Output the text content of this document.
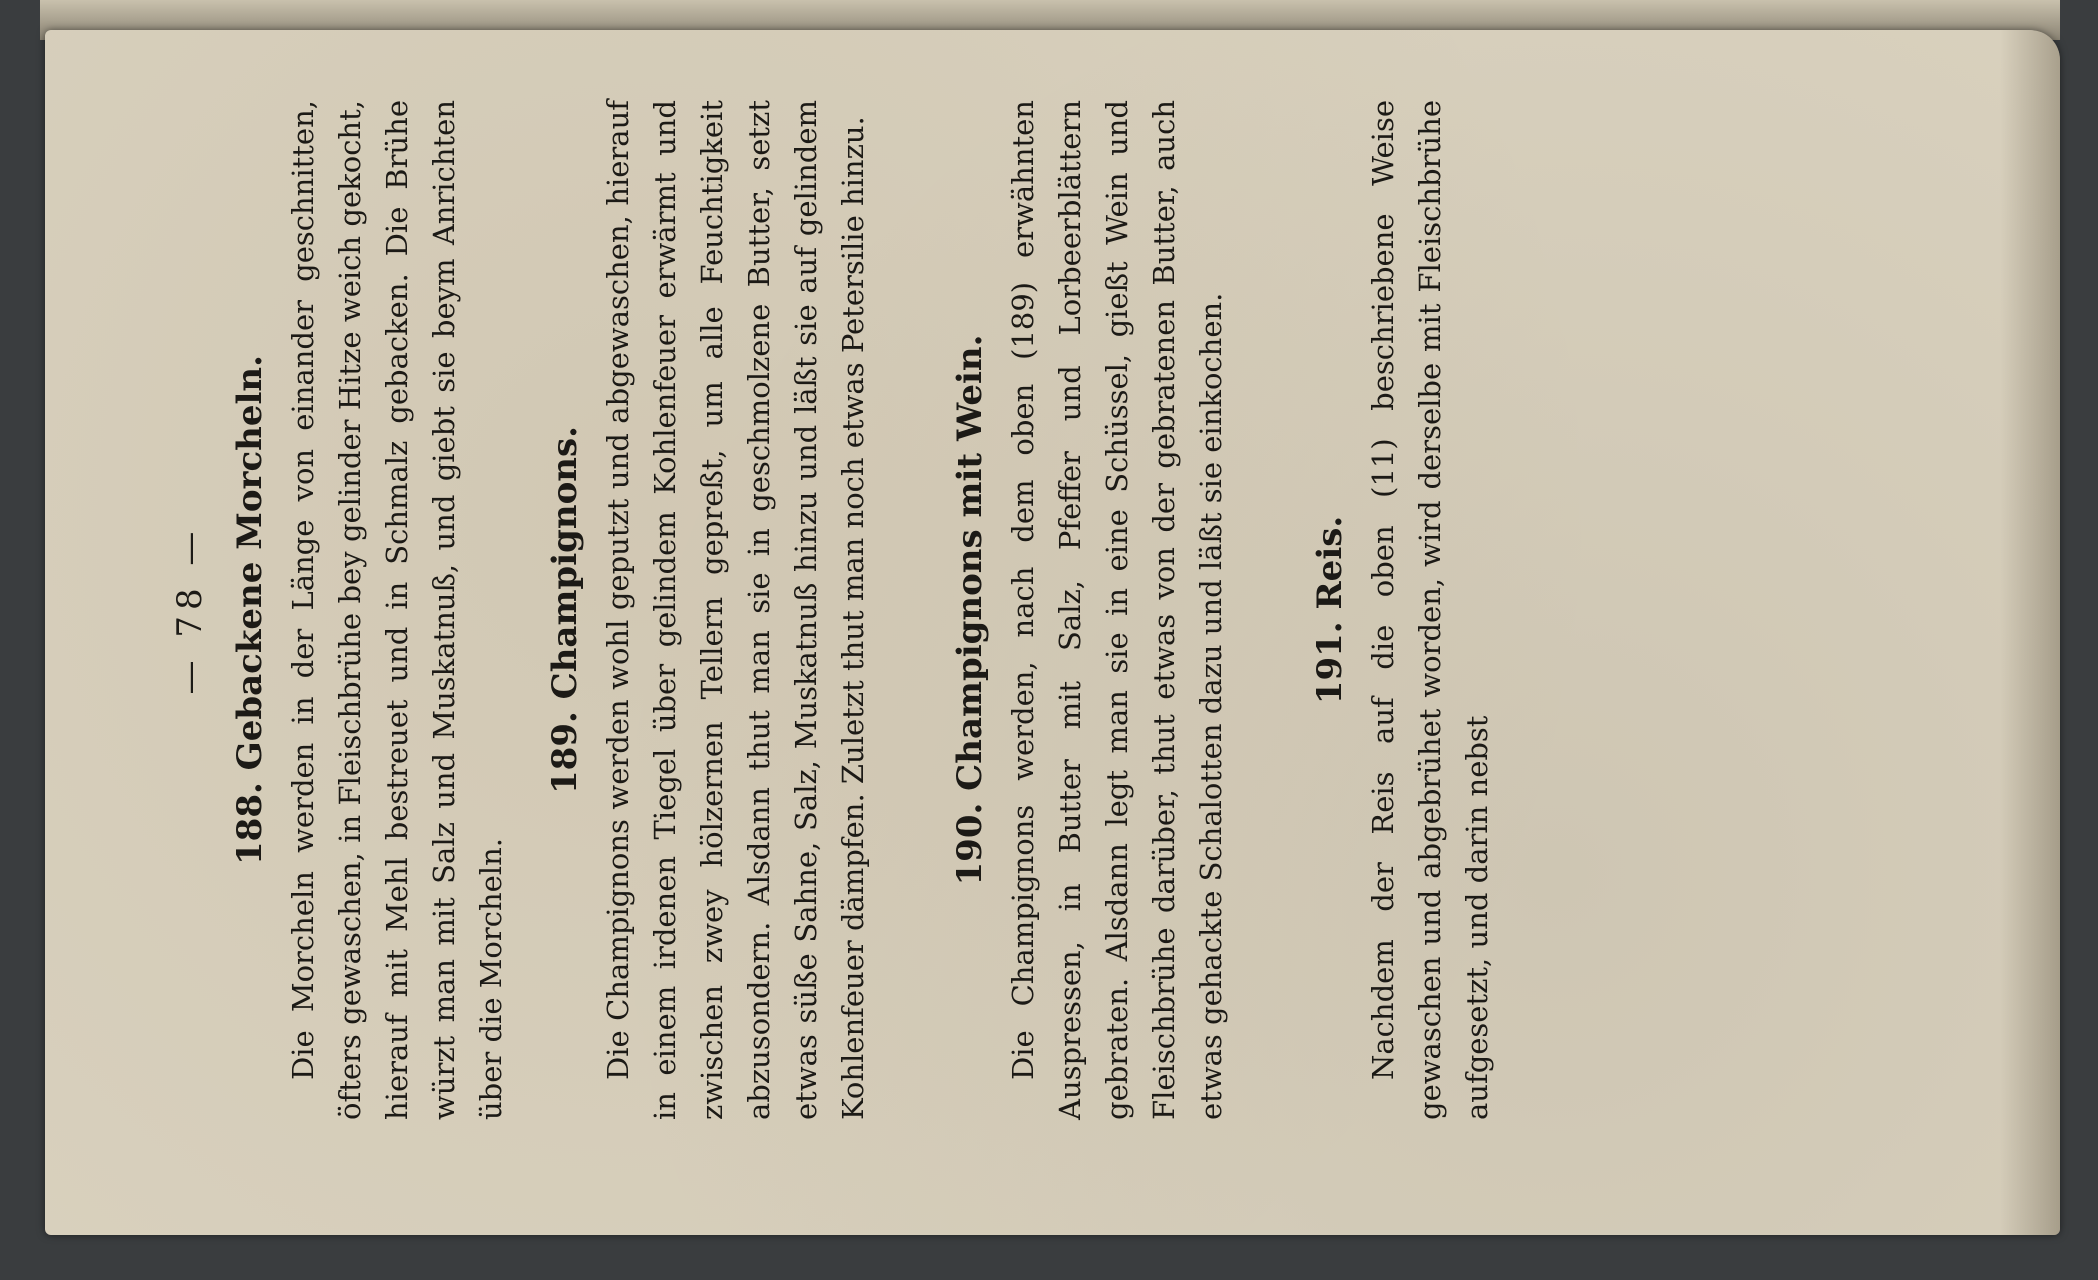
— 78 — 188. Gebackene Morcheln. Die Morcheln werden in der Länge von einander geschnitten, öfters gewaschen, in Fleischbrühe bey gelinder Hitze weich gekocht, hierauf mit Mehl bestreuet und in Schmalz gebacken. Die Brühe würzt man mit Salz und Muskatnuß, und giebt sie beym Anrichten über die Morcheln.

189. Champignons. Die Champignons werden wohl geputzt und abgewaschen, hierauf in einem irdenen Tiegel über gelindem Kohlenfeuer erwärmt und zwischen zwey hölzernen Tellern gepreßt, um alle Feuchtigkeit abzusondern. Alsdann thut man sie in geschmolzene Butter, setzt etwas süße Sahne, Salz, Muskatnuß hinzu und läßt sie auf gelindem Kohlenfeuer dämpfen. Zuletzt thut man noch etwas Petersilie hinzu. 190. Champignons mit Wein. Die Champignons werden, nach dem oben (189) erwähnten Auspressen, in Butter mit Salz, Pfeffer und Lorbeerblättern gebraten. Alsdann legt man sie in eine Schüssel, gießt Wein und Fleischbrühe darüber, thut etwas von der gebratenen Butter, auch etwas gehackte Schalotten dazu und läßt sie einkochen. 191. Reis. Nachdem der Reis auf die oben (11) beschriebene Weise gewaschen und abgebrühet worden, wird derselbe mit Fleischbrühe aufgesetzt, und darin nebst
